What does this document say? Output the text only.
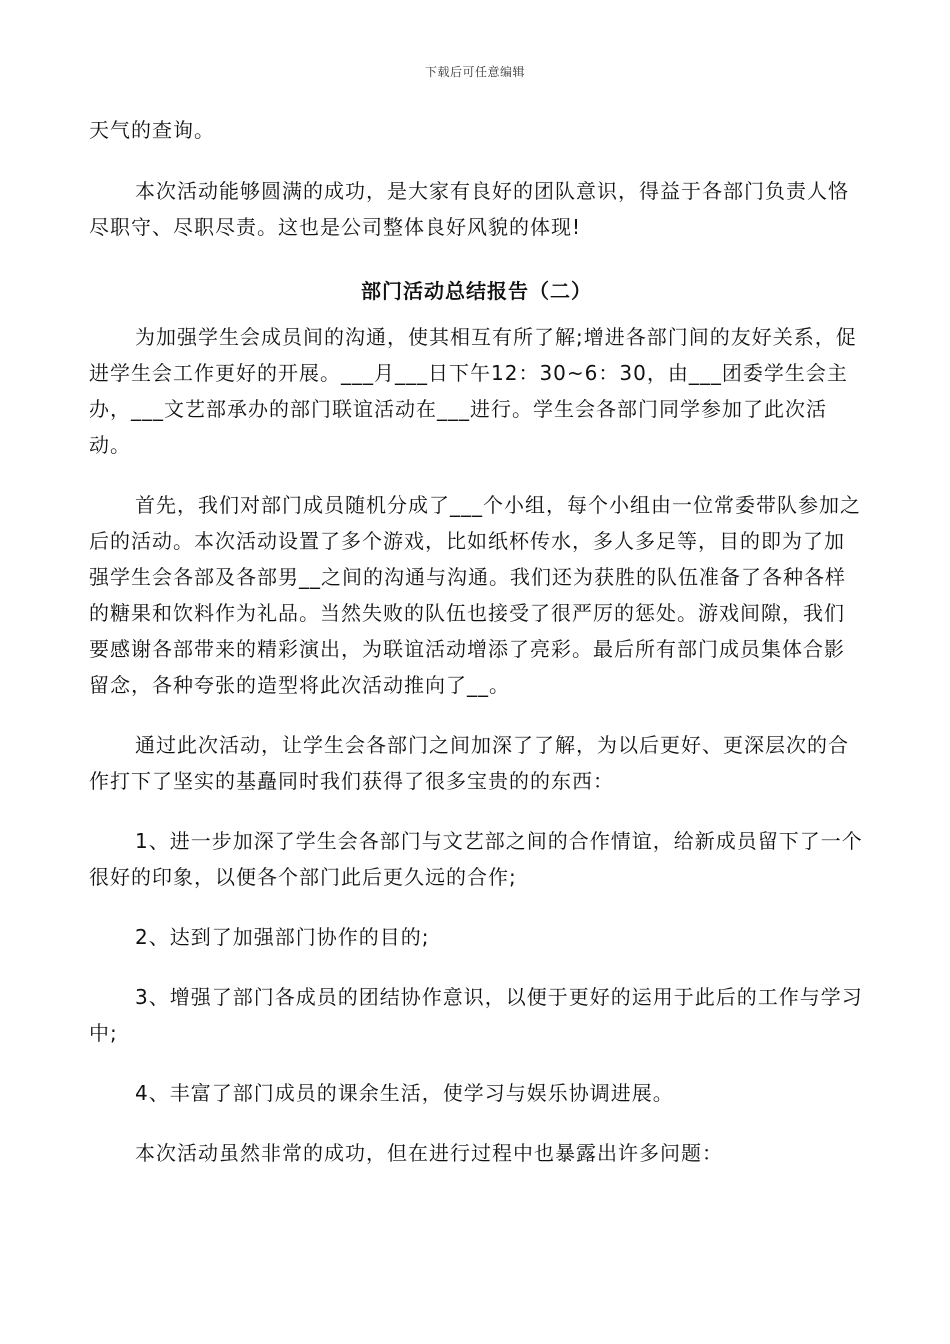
下载后可任意编辑

天气的查询。

本次活动能够圆满的成功，是大家有良好的团队意识，得益于各部门负责人恪尽职守、尽职尽责。这也是公司整体良好风貌的体现!

部门活动总结报告（二）

为加强学生会成员间的沟通，使其相互有所了解;增进各部门间的友好关系，促进学生会工作更好的开展。___月___日下午12：30~6：30，由___团委学生会主办，___文艺部承办的部门联谊活动在___进行。学生会各部门同学参加了此次活动。

首先，我们对部门成员随机分成了___个小组，每个小组由一位常委带队参加之后的活动。本次活动设置了多个游戏，比如纸杯传水，多人多足等，目的即为了加强学生会各部及各部男__之间的沟通与沟通。我们还为获胜的队伍准备了各种各样的糖果和饮料作为礼品。当然失败的队伍也接受了很严厉的惩处。游戏间隙，我们要感谢各部带来的精彩演出，为联谊活动增添了亮彩。最后所有部门成员集体合影留念，各种夸张的造型将此次活动推向了__。

通过此次活动，让学生会各部门之间加深了了解，为以后更好、更深层次的合作打下了坚实的基矗同时我们获得了很多宝贵的的东西：

1、进一步加深了学生会各部门与文艺部之间的合作情谊，给新成员留下了一个很好的印象，以便各个部门此后更久远的合作;

2、达到了加强部门协作的目的;

3、增强了部门各成员的团结协作意识，以便于更好的运用于此后的工作与学习中;

4、丰富了部门成员的课余生活，使学习与娱乐协调进展。

本次活动虽然非常的成功，但在进行过程中也暴露出许多问题：
